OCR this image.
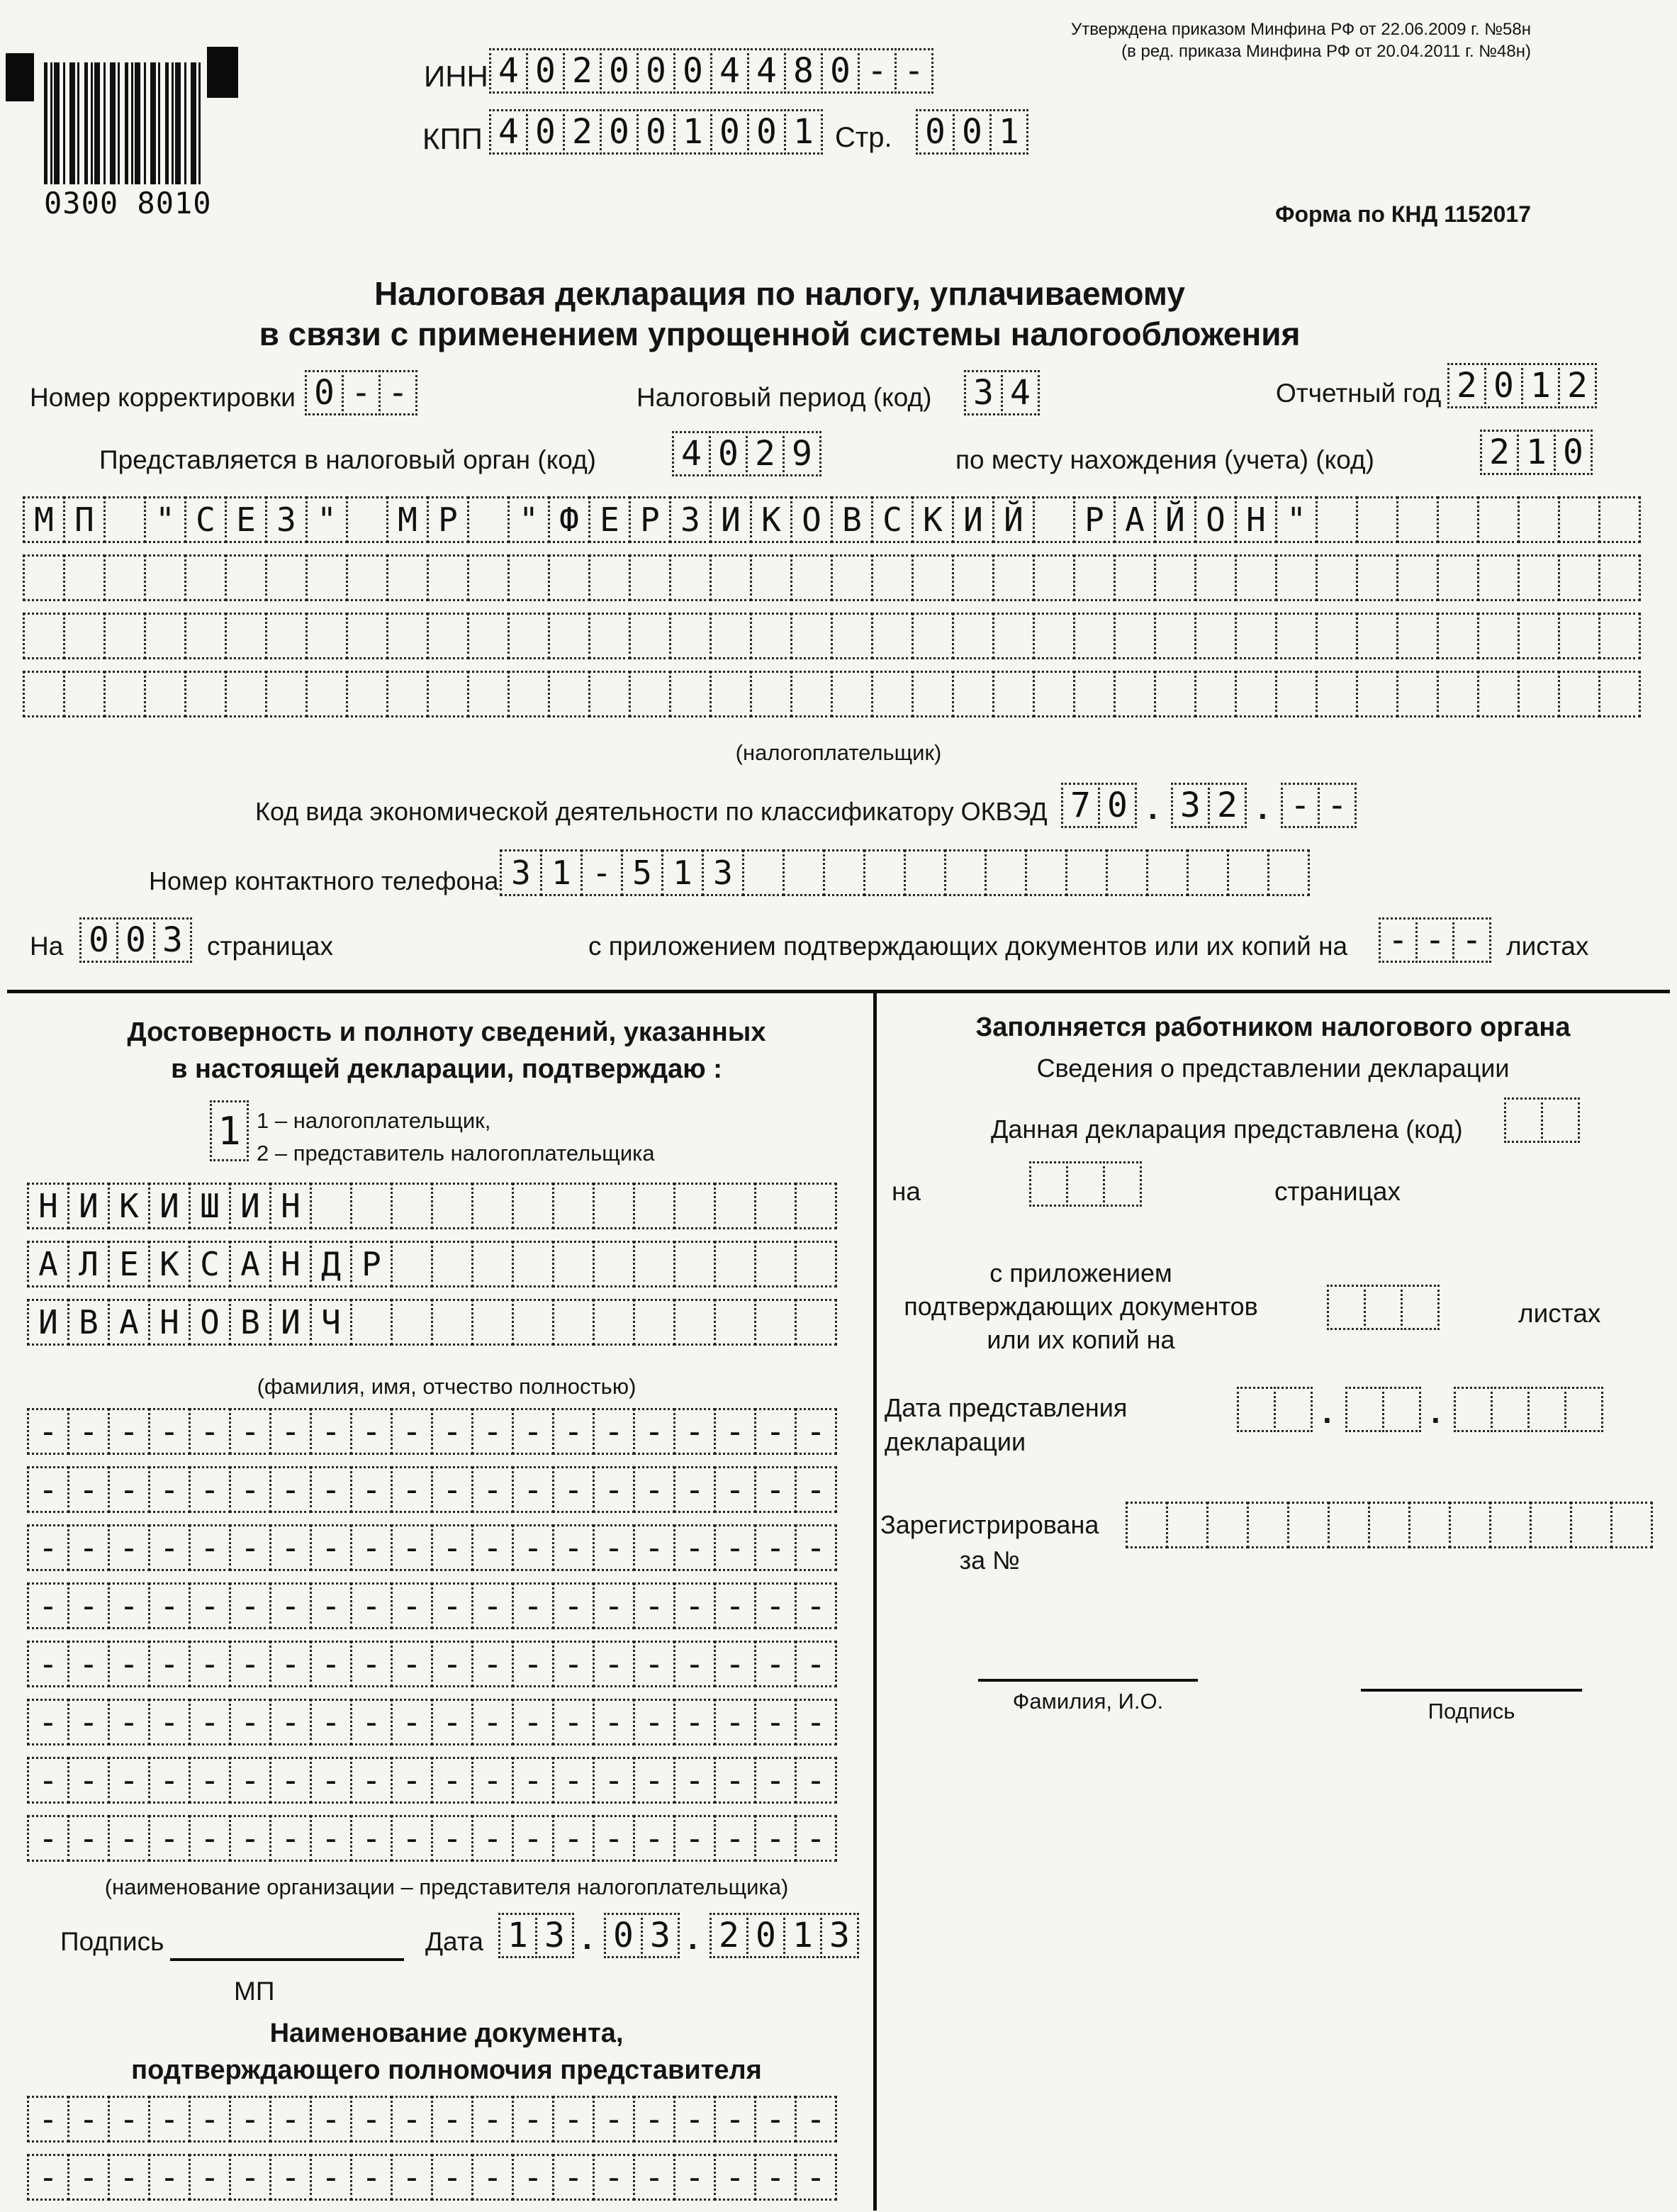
0300 8010
ИНН 4 0 2 0 0 0 4 4 8 0 - -
КПП 4 0 2 0 0 1 0 0 1 Стр. 0 0 1
Утверждена приказом Минфина РФ от 22.06.2009 г. №58н
(в ред. приказа Минфина РФ от 20.04.2011 г. №48н)
Форма по КНД 1152017
Налоговая декларация по налогу, уплачиваемому
в связи с применением упрощенной системы налогообложения
Номер корректировки 0 - -	Налоговый период (код) 3 4	Отчетный год 2 0 1 2
Представляется в налоговый орган (код)	4 0 2 9	по месту нахождения (учета) (код)	2 1 0
М П	" С Е З "	М Р	" Ф Е Р З И К О В С К И Й	Р А Й О Н "
(налогоплательщик)
Код вида экономической деятельности по классификатору ОКВЭД 7 0 . 3 2 . - -
Номер контактного телефона 3 1 - 5 1 3
На 0 0 3 страницах	с приложением подтверждающих документов или их копий на - - - листах
Достоверность и полноту сведений, указанных
в настоящей декларации, подтверждаю :
1 1 – налогоплательщик,
2 – представитель налогоплательщика
Н И К И Ш И Н
А Л Е К С А Н Д Р
И В А Н О В И Ч
(фамилия, имя, отчество полностью)
- - - - - - - - - - - - - - - - - - - -
- - - - - - - - - - - - - - - - - - - -
- - - - - - - - - - - - - - - - - - - -
- - - - - - - - - - - - - - - - - - - -
- - - - - - - - - - - - - - - - - - - -
- - - - - - - - - - - - - - - - - - - -
- - - - - - - - - - - - - - - - - - - -
- - - - - - - - - - - - - - - - - - - -
(наименование организации – представителя налогоплательщика)
Подпись	Дата 1 3 . 0 3 . 2 0 1 3
МП
Наименование документа,
подтверждающего полномочия представителя
- - - - - - - - - - - - - - - - - - - -
- - - - - - - - - - - - - - - - - - - -
Заполняется работником налогового органа
Сведения о представлении декларации
Данная декларация представлена (код)
на	страницах
с приложением
подтверждающих документов
или их копий на
листах
Дата представления
декларации
.	.
Зарегистрирована
за №
Фамилия, И.О.	Подпись
